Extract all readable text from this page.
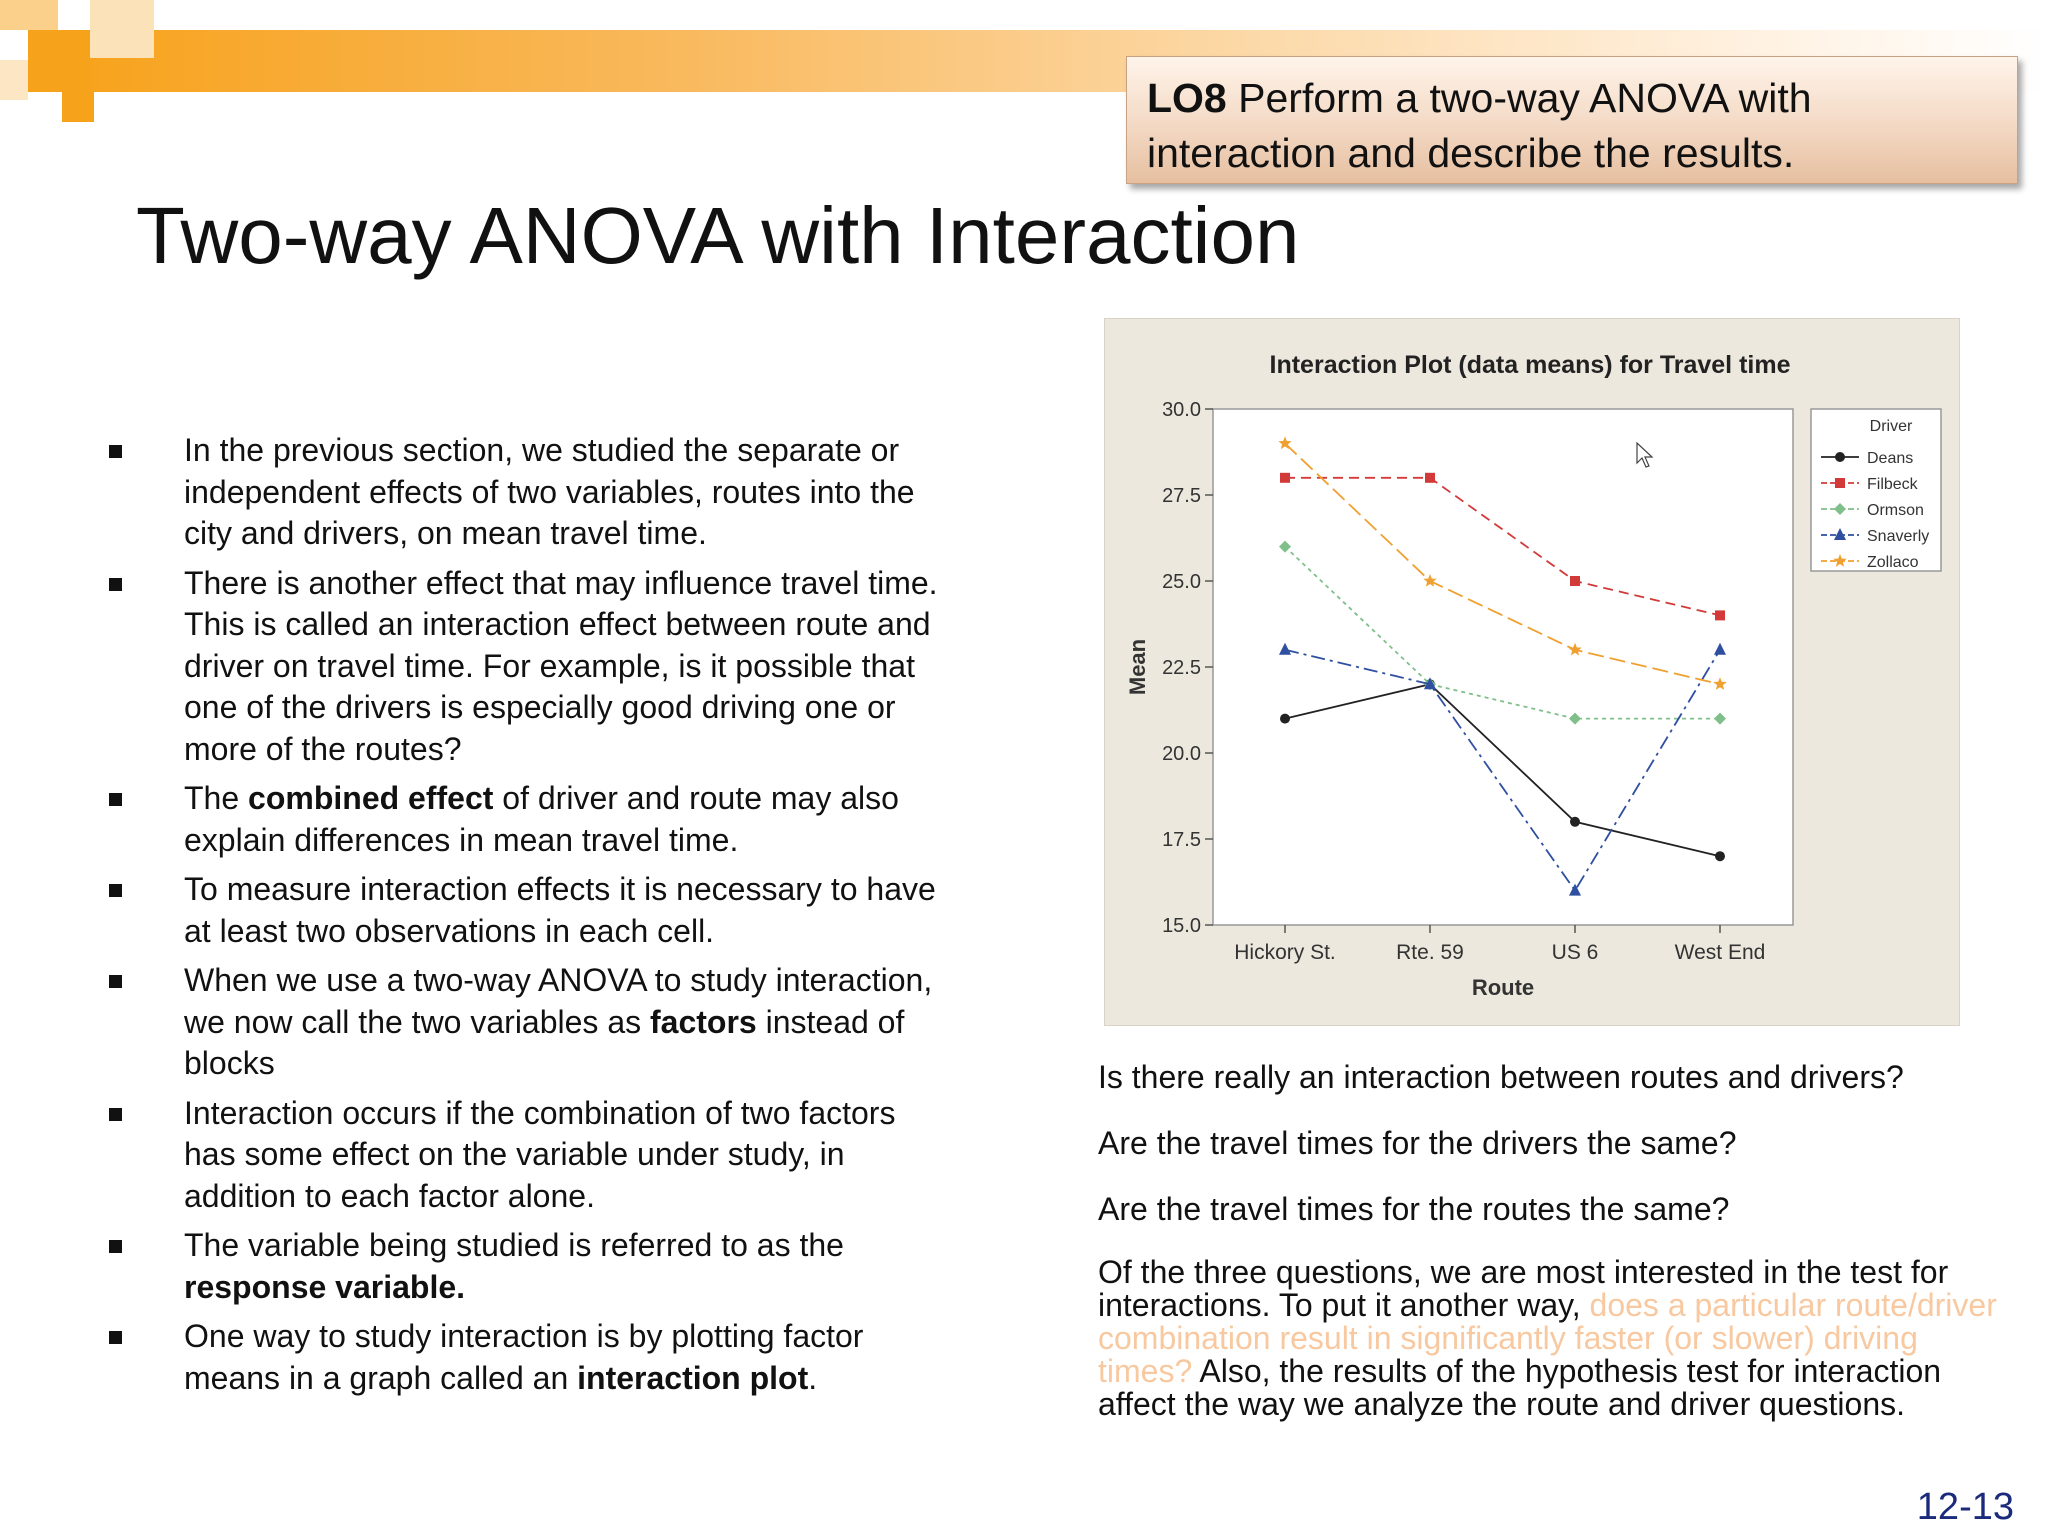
LO8 Perform a two-way ANOVA with interaction and describe the results.
Two-way ANOVA with Interaction
In the previous section, we studied the separate or independent effects of two variables, routes into the city and drivers, on mean travel time.
There is another effect that may influence travel time. This is called an interaction effect between route and driver on travel time. For example, is it possible that one of the drivers is especially good driving one or more of the routes?
The combined effect of driver and route may also explain differences in mean travel time.
To measure interaction effects it is necessary to have at least two observations in each cell.
When we use a two-way ANOVA to study interaction, we now call the two variables as factors instead of blocks
Interaction occurs if the combination of two factors has some effect on the variable under study, in addition to each factor alone.
The variable being studied is referred to as the response variable.
One way to study interaction is by plotting factor means in a graph called an interaction plot.
Interaction Plot (data means) for Travel time
15.0
17.5
20.0
22.5
25.0
27.5
30.0
Hickory St.	Rte. 59	US 6	West End
Route
Mean
Driver
Deans
Filbeck
Ormson
Snaverly
Zollaco

Is there really an interaction between routes and drivers?

Are the travel times for the drivers the same?

Are the travel times for the routes the same?

Of the three questions, we are most interested in the test for interactions. To put it another way, does a particular route/driver combination result in significantly faster (or slower) driving times? Also, the results of the hypothesis test for interaction affect the way we analyze the route and driver questions.

12-13
